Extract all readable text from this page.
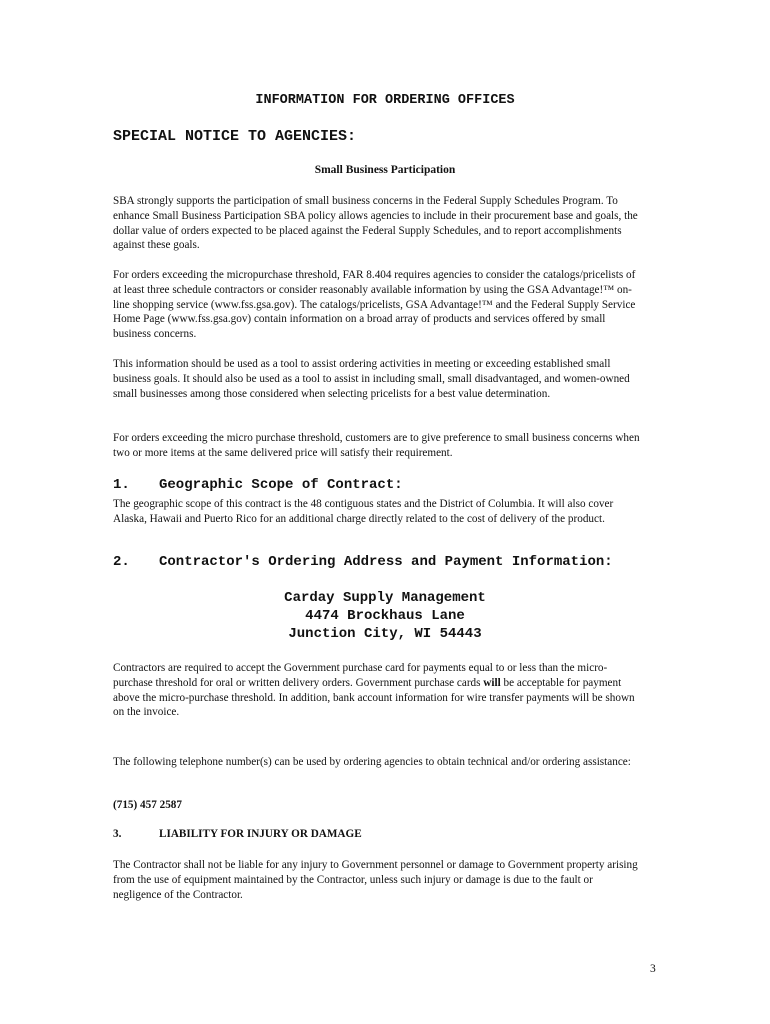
INFORMATION FOR ORDERING OFFICES
SPECIAL NOTICE TO AGENCIES:
Small Business Participation

SBA strongly supports the participation of small business concerns in the Federal Supply Schedules Program. To enhance Small Business Participation SBA policy allows agencies to include in their procurement base and goals, the dollar value of orders expected to be placed against the Federal Supply Schedules, and to report accomplishments against these goals.

For orders exceeding the micropurchase threshold, FAR 8.404 requires agencies to consider the catalogs/pricelists of at least three schedule contractors or consider reasonably available information by using the GSA Advantage!™ on-line shopping service (www.fss.gsa.gov). The catalogs/pricelists, GSA Advantage!™ and the Federal Supply Service Home Page (www.fss.gsa.gov) contain information on a broad array of products and services offered by small business concerns.

This information should be used as a tool to assist ordering activities in meeting or exceeding established small business goals. It should also be used as a tool to assist in including small, small disadvantaged, and women-owned small businesses among those considered when selecting pricelists for a best value determination.

For orders exceeding the micro purchase threshold, customers are to give preference to small business concerns when two or more items at the same delivered price will satisfy their requirement.

1. Geographic Scope of Contract:

The geographic scope of this contract is the 48 contiguous states and the District of Columbia. It will also cover Alaska, Hawaii and Puerto Rico for an additional charge directly related to the cost of delivery of the product.

2. Contractor's Ordering Address and Payment Information:
Carday Supply Management
4474 Brockhaus Lane
Junction City, WI 54443

Contractors are required to accept the Government purchase card for payments equal to or less than the micro-purchase threshold for oral or written delivery orders. Government purchase cards will be acceptable for payment above the micro-purchase threshold. In addition, bank account information for wire transfer payments will be shown on the invoice.

The following telephone number(s) can be used by ordering agencies to obtain technical and/or ordering assistance:

(715) 457 2587
3.	LIABILITY FOR INJURY OR DAMAGE

The Contractor shall not be liable for any injury to Government personnel or damage to Government property arising from the use of equipment maintained by the Contractor, unless such injury or damage is due to the fault or negligence of the Contractor.

3
